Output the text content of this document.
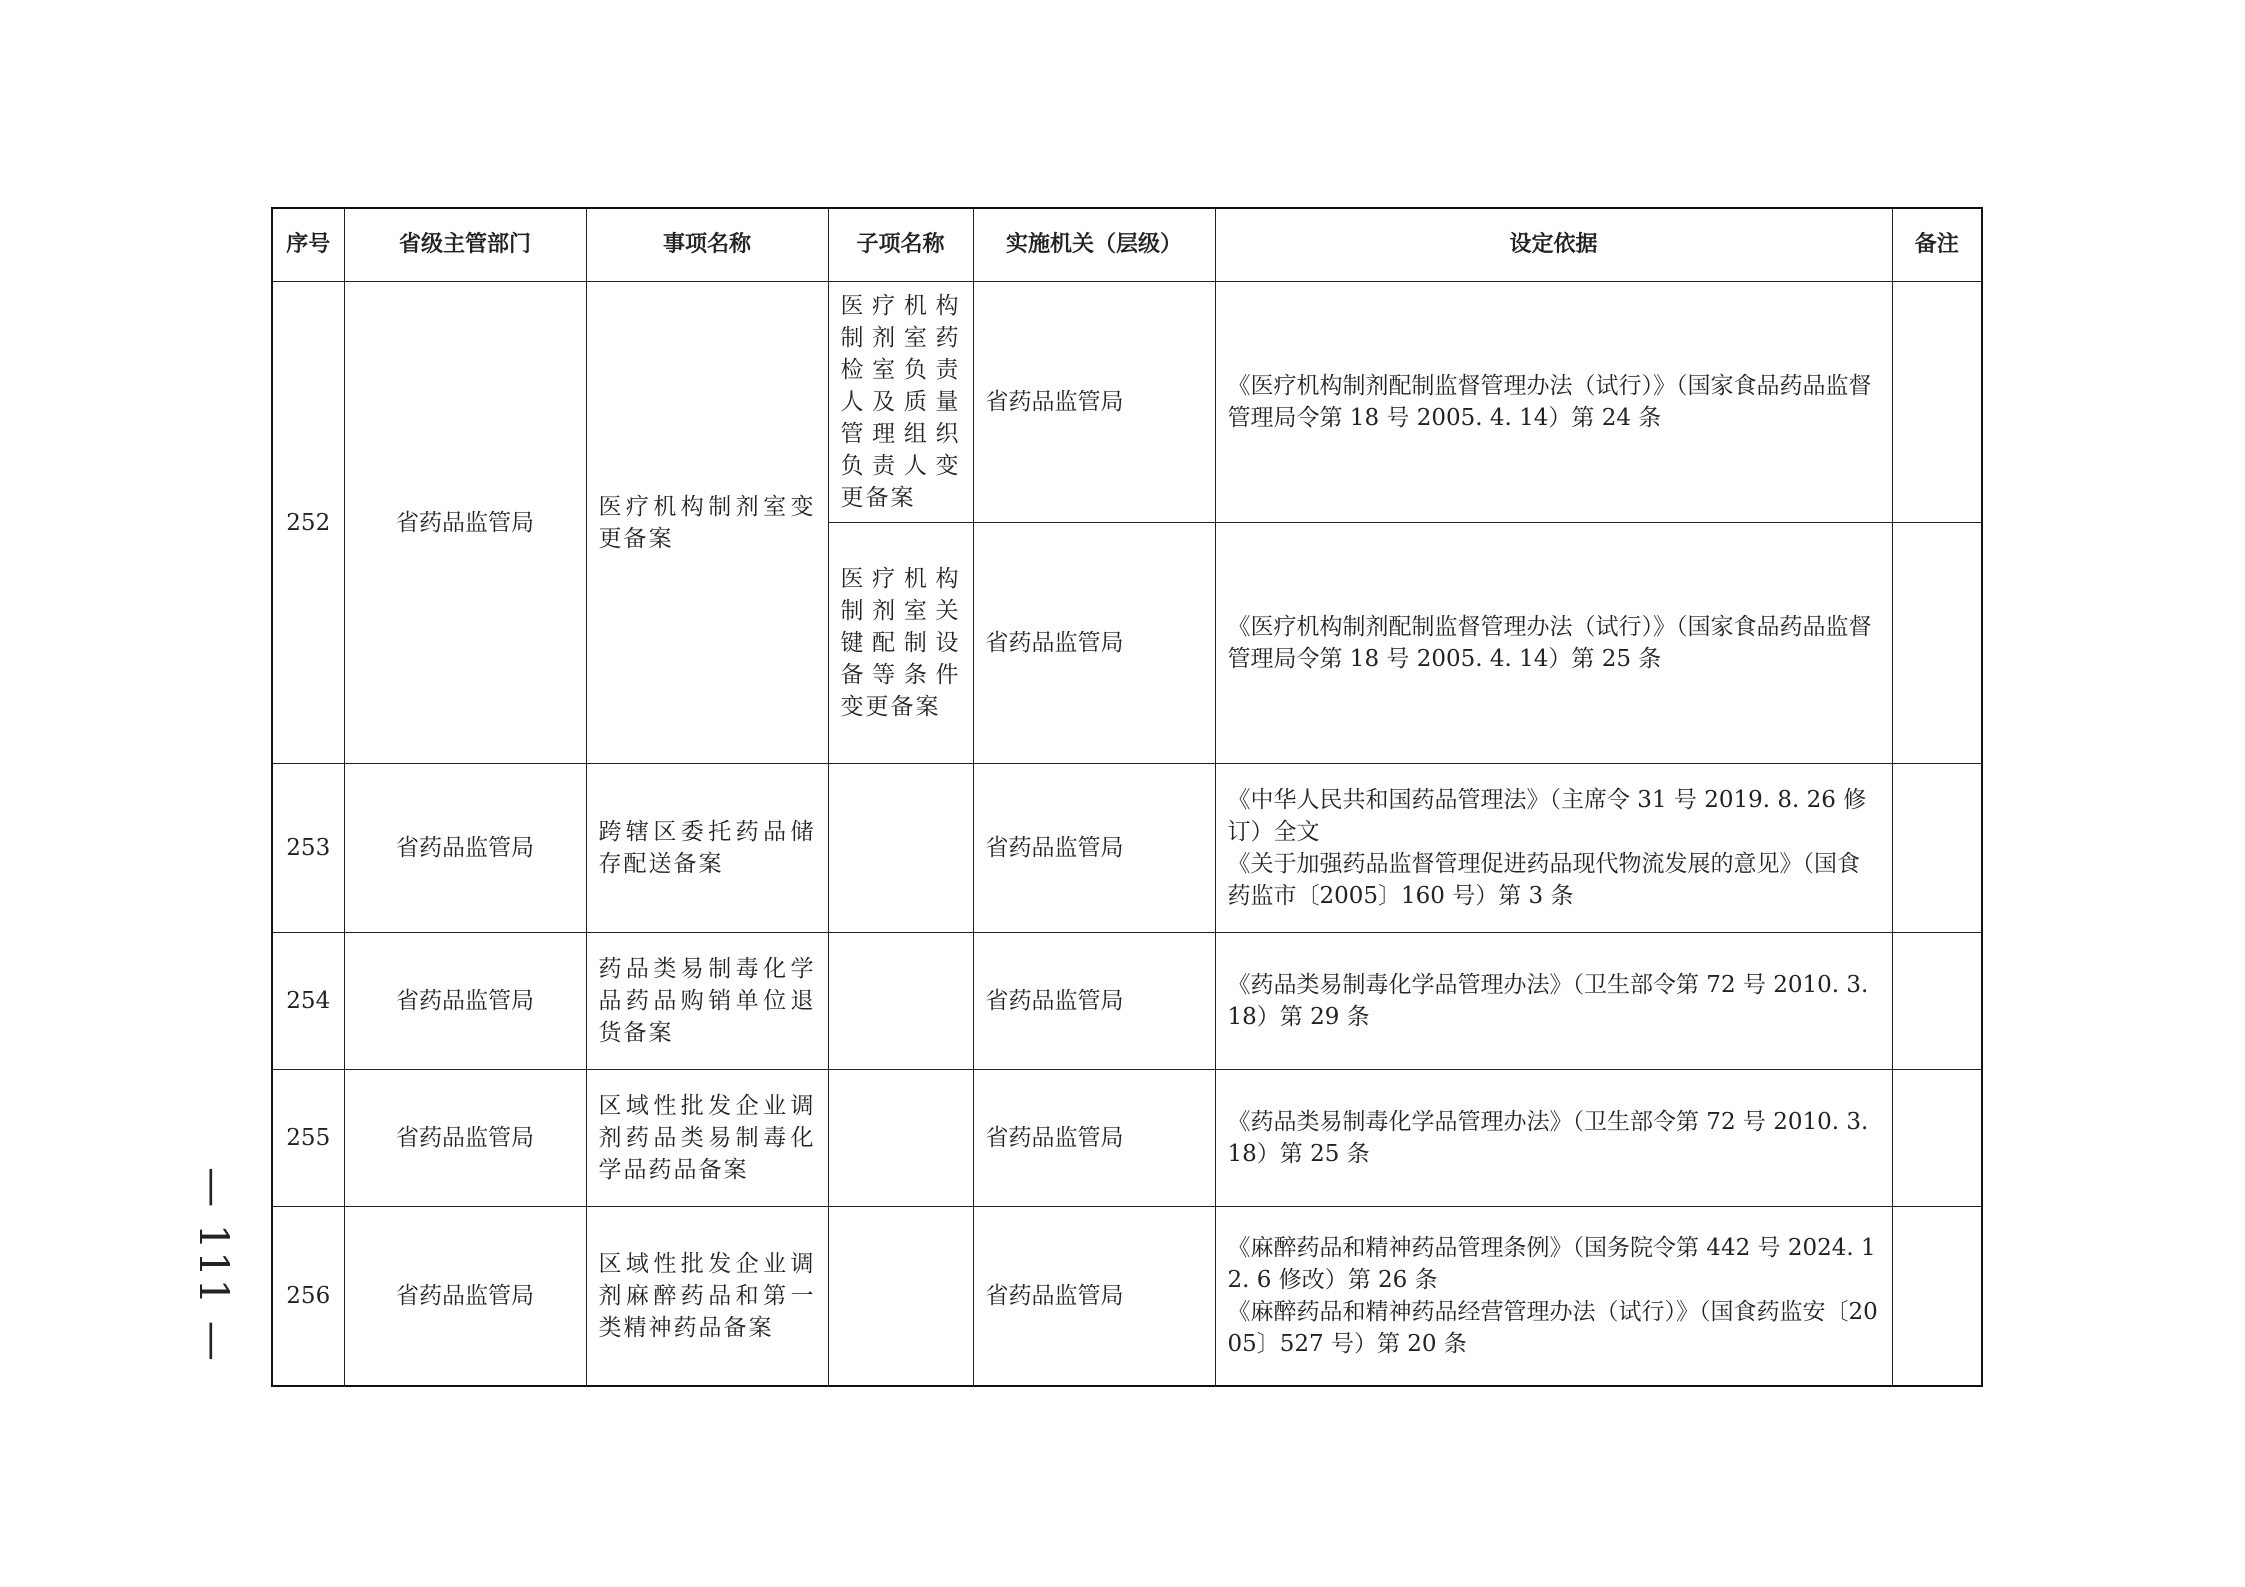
— 111 —
序号	省级主管部门	事项名称	子项名称	实施机关（层级）	设定依据	备注
252	省药品监管局	医疗机构制剂室变更备案	医疗机构制剂室药检室负责人及质量管理组织负责人变更备案	省药品监管局	《医疗机构制剂配制监督管理办法（试行）》（国家食品药品监督管理局令第 18 号 2005. 4. 14）第 24 条	

			医疗机构制剂室关键配制设备等条件变更备案	省药品监管局	《医疗机构制剂配制监督管理办法（试行）》（国家食品药品监督管理局令第 18 号 2005. 4. 14）第 25 条	

253	省药品监管局	跨辖区委托药品储存配送备案		省药品监管局	《中华人民共和国药品管理法》（主席令 31 号 2019. 8. 26 修订）全文
《关于加强药品监督管理促进药品现代物流发展的意见》（国食药监市〔2005〕160 号）第 3 条	

254	省药品监管局	药品类易制毒化学品药品购销单位退货备案		省药品监管局	《药品类易制毒化学品管理办法》（卫生部令第 72 号 2010. 3. 18）第 29 条	

255	省药品监管局	区域性批发企业调剂药品类易制毒化学品药品备案		省药品监管局	《药品类易制毒化学品管理办法》（卫生部令第 72 号 2010. 3. 18）第 25 条	

256	省药品监管局	区域性批发企业调剂麻醉药品和第一类精神药品备案		省药品监管局	《麻醉药品和精神药品管理条例》（国务院令第 442 号 2024. 12. 6 修改）第 26 条
《麻醉药品和精神药品经营管理办法（试行）》（国食药监安〔2005〕527 号）第 20 条	
